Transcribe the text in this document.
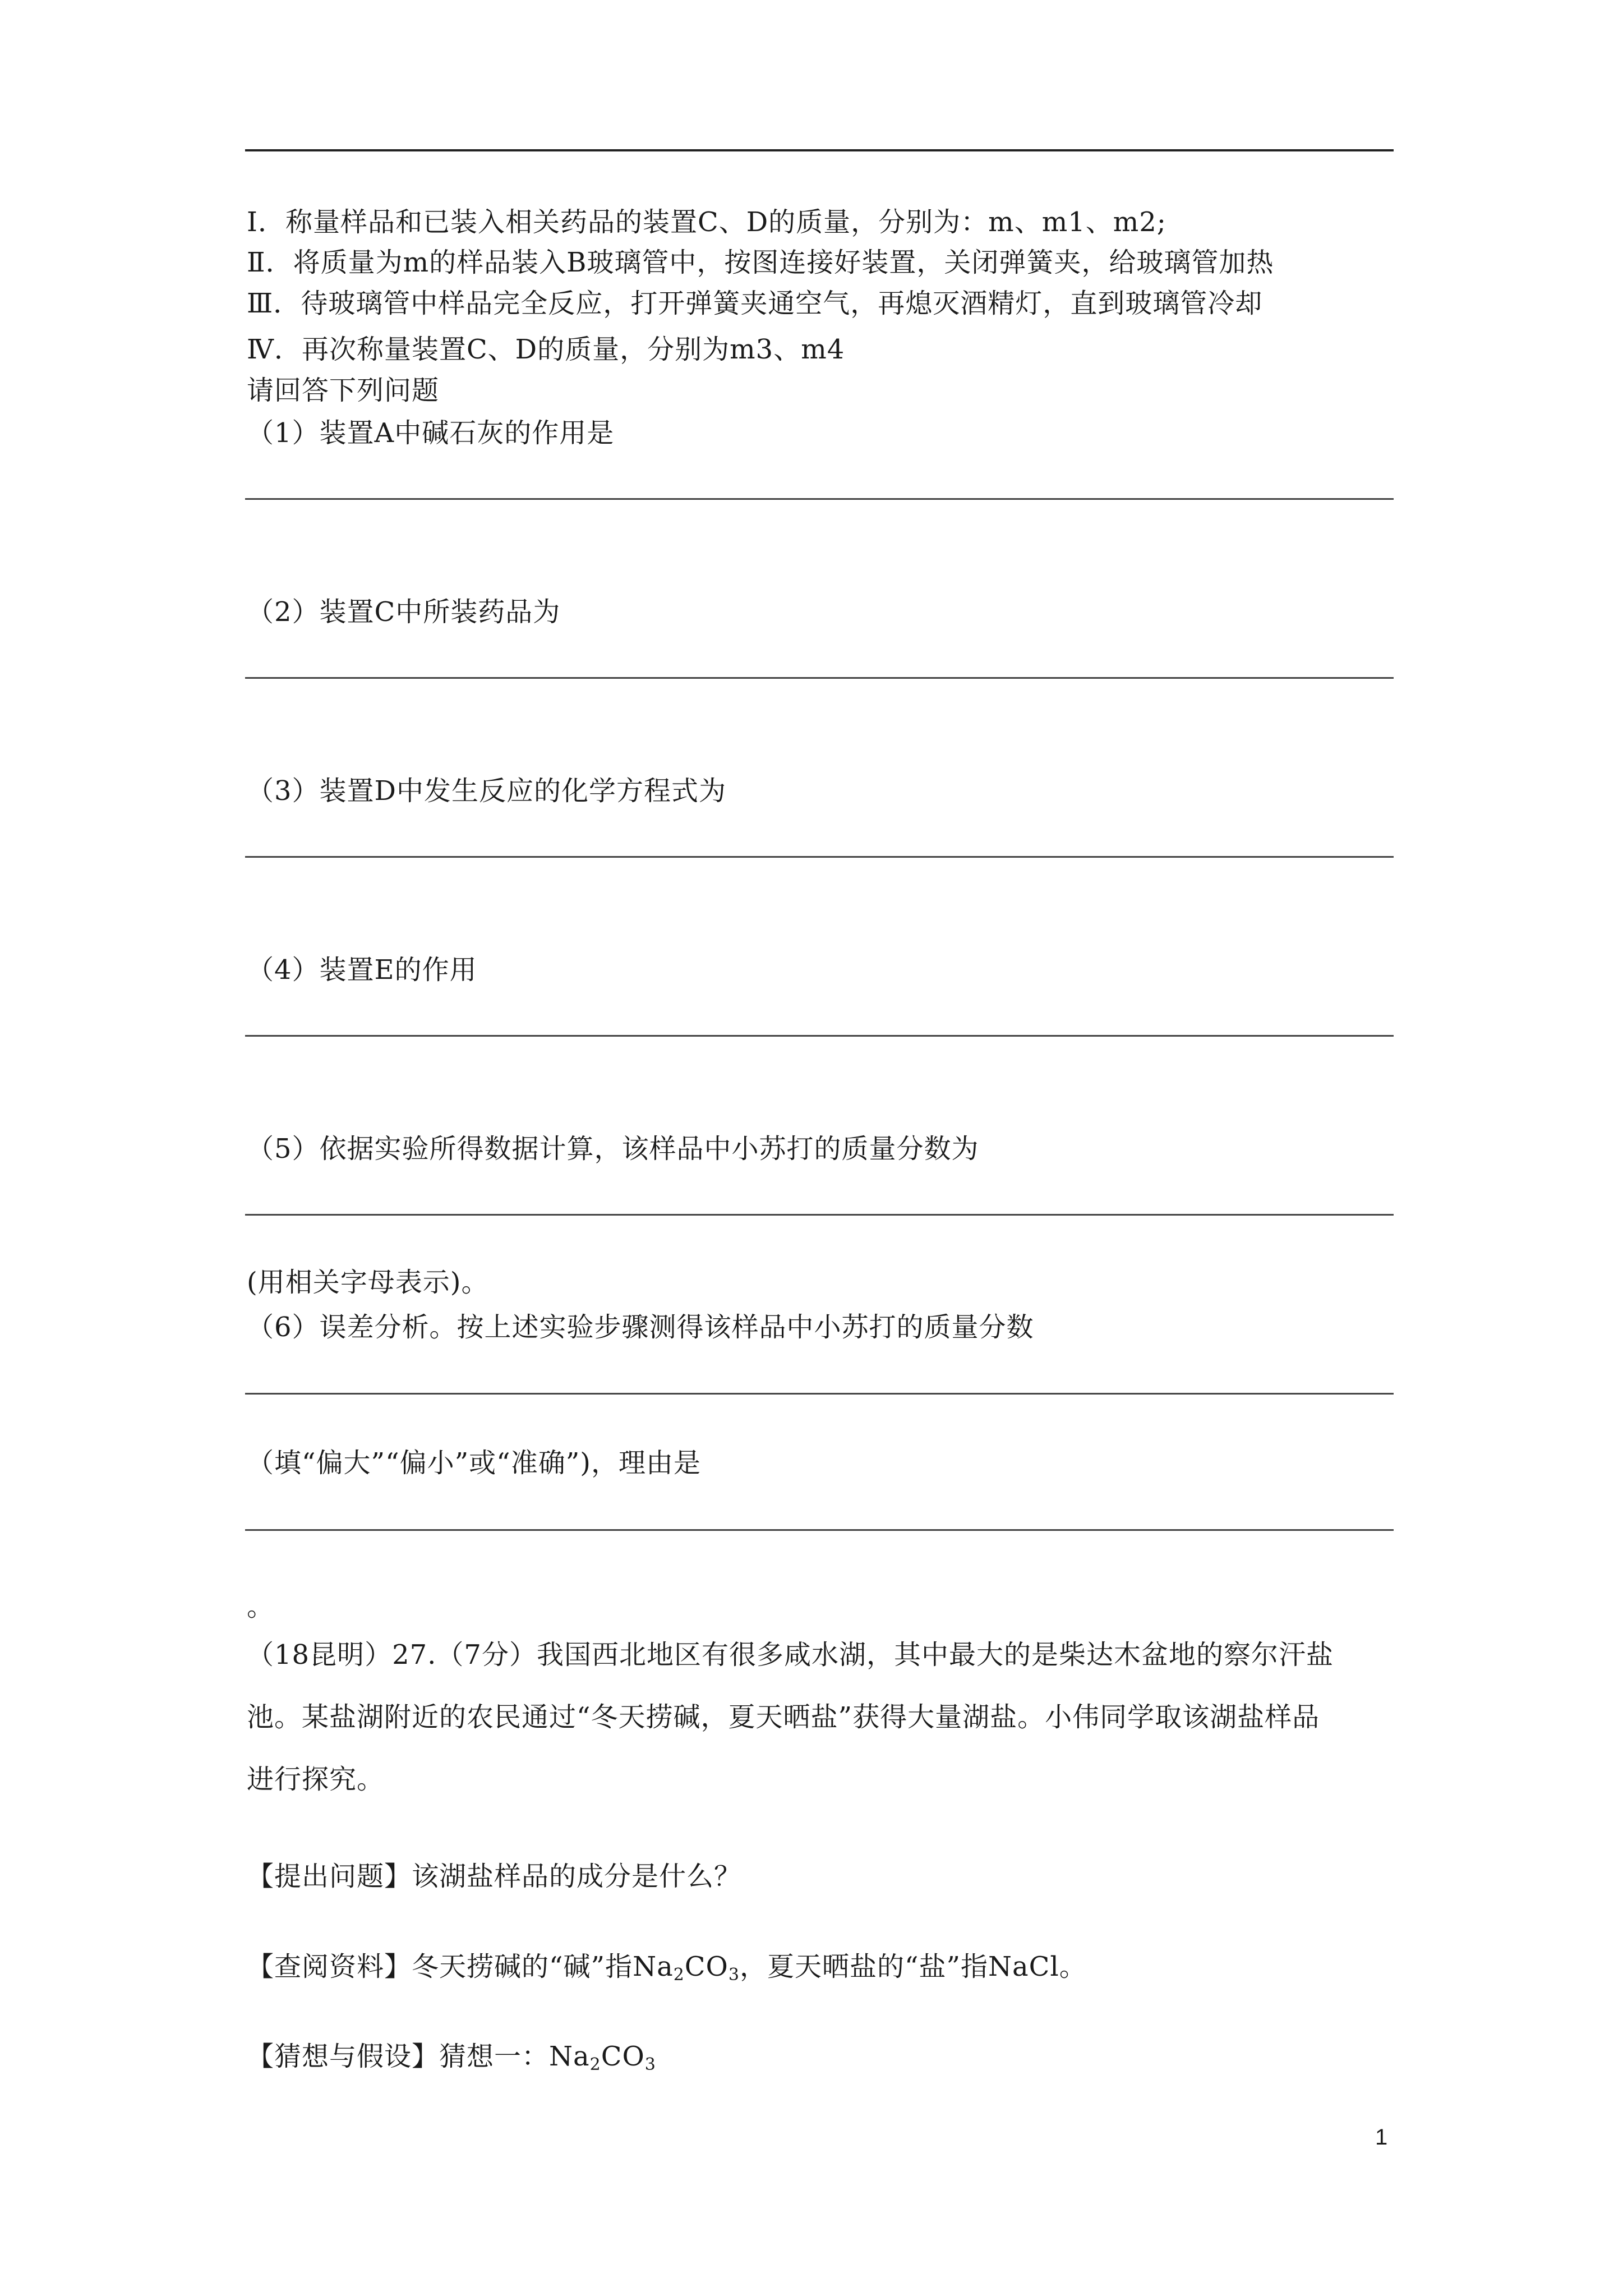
Ⅰ．称量样品和已装入相关药品的装置C、D的质量，分别为：m、m1、m2;
Ⅱ．将质量为m的样品装入B玻璃管中，按图连接好装置，关闭弹簧夹，给玻璃管加热
Ⅲ．待玻璃管中样品完全反应，打开弹簧夹通空气，再熄灭酒精灯，直到玻璃管冷却
Ⅳ．再次称量装置C、D的质量，分别为m3、m4
请回答下列问题
（1）装置A中碱石灰的作用是
（2）装置C中所装药品为
（3）装置D中发生反应的化学方程式为
（4）装置E的作用
（5）依据实验所得数据计算，该样品中小苏打的质量分数为
(用相关字母表示)。
（6）误差分析。按上述实验步骤测得该样品中小苏打的质量分数
（填“偏大”“偏小”或“准确”)，理由是
。
（18昆明）27.（7分）我国西北地区有很多咸水湖，其中最大的是柴达木盆地的察尔汗盐
池。某盐湖附近的农民通过“冬天捞碱，夏天晒盐”获得大量湖盐。小伟同学取该湖盐样品
进行探究。
【提出问题】该湖盐样品的成分是什么？
【查阅资料】冬天捞碱的“碱”指$Na_2CO_3$，夏天晒盐的“盐”指NaCl。
【猜想与假设】猜想一：$Na_2CO_3$
1
